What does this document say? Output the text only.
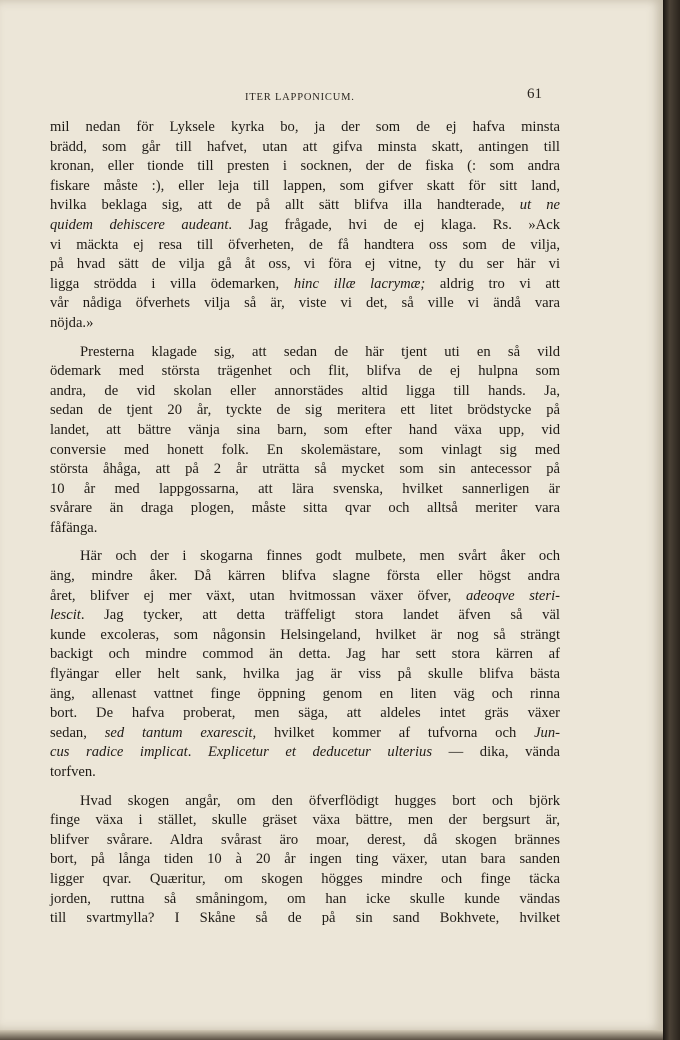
ITER LAPPONICUM.	61
mil nedan för Lyksele kyrka bo, ja der som de ej hafva minsta
brädd, som går till hafvet, utan att gifva minsta skatt, antingen till
kronan, eller tionde till presten i socknen, der de fiska (: som andra
fiskare måste :), eller leja till lappen, som gifver skatt för sitt land,
hvilka beklaga sig, att de på allt sätt blifva illa handterade, ut ne
quidem dehiscere audeant. Jag frågade, hvi de ej klaga. Rs. »Ack
vi mäckta ej resa till öfverheten, de få handtera oss som de vilja,
på hvad sätt de vilja gå åt oss, vi föra ej vitne, ty du ser här vi
ligga strödda i villa ödemarken, hinc illæ lacrymæ; aldrig tro vi att
vår nådiga öfverhets vilja så är, viste vi det, så ville vi ändå vara
nöjda.»
Presterna klagade sig, att sedan de här tjent uti en så vild
ödemark med största trägenhet och flit, blifva de ej hulpna som
andra, de vid skolan eller annorstädes altid ligga till hands. Ja,
sedan de tjent 20 år, tyckte de sig meritera ett litet brödstycke på
landet, att bättre vänja sina barn, som efter hand växa upp, vid
conversie med honett folk. En skolemästare, som vinlagt sig med
största åhåga, att på 2 år uträtta så mycket som sin antecessor på
10 år med lappgossarna, att lära svenska, hvilket sannerligen är
svårare än draga plogen, måste sitta qvar och alltså meriter vara
fåfänga.
Här och der i skogarna finnes godt mulbete, men svårt åker och
äng, mindre åker. Då kärren blifva slagne första eller högst andra
året, blifver ej mer växt, utan hvitmossan växer öfver, adeoqve steri-
lescit. Jag tycker, att detta träffeligt stora landet äfven så väl
kunde excoleras, som någonsin Helsingeland, hvilket är nog så strängt
backigt och mindre commod än detta. Jag har sett stora kärren af
flyängar eller helt sank, hvilka jag är viss på skulle blifva bästa
äng, allenast vattnet finge öppning genom en liten väg och rinna
bort. De hafva proberat, men säga, att aldeles intet gräs växer
sedan, sed tantum exarescit, hvilket kommer af tufvorna och Jun-
cus radice implicat. Explicetur et deducetur ulterius — dika, vända
torfven.
Hvad skogen angår, om den öfverflödigt hugges bort och björk
finge växa i stället, skulle gräset växa bättre, men der bergsurt är,
blifver svårare. Aldra svårast äro moar, derest, då skogen brännes
bort, på långa tiden 10 à 20 år ingen ting växer, utan bara sanden
ligger qvar. Quæritur, om skogen högges mindre och finge täcka
jorden, ruttna så småningom, om han icke skulle kunde vändas
till svartmylla? I Skåne så de på sin sand Bokhvete, hvilket
